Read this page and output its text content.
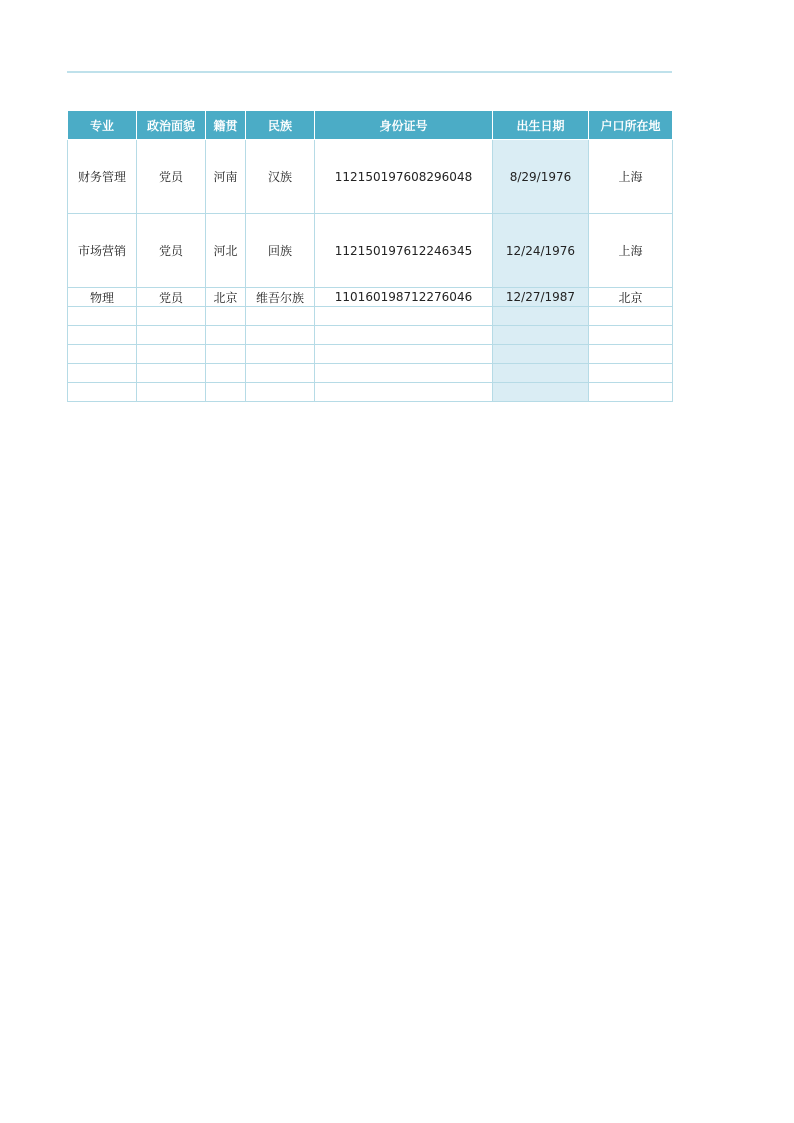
专业	政治面貌	籍贯	民族	身份证号	出生日期	户口所在地
财务管理	党员	河南	汉族	112150197608296048	8/29/1976	上海
市场营销	党员	河北	回族	112150197612246345	12/24/1976	上海
物理	党员	北京	维吾尔族	110160198712276046	12/27/1987	北京
